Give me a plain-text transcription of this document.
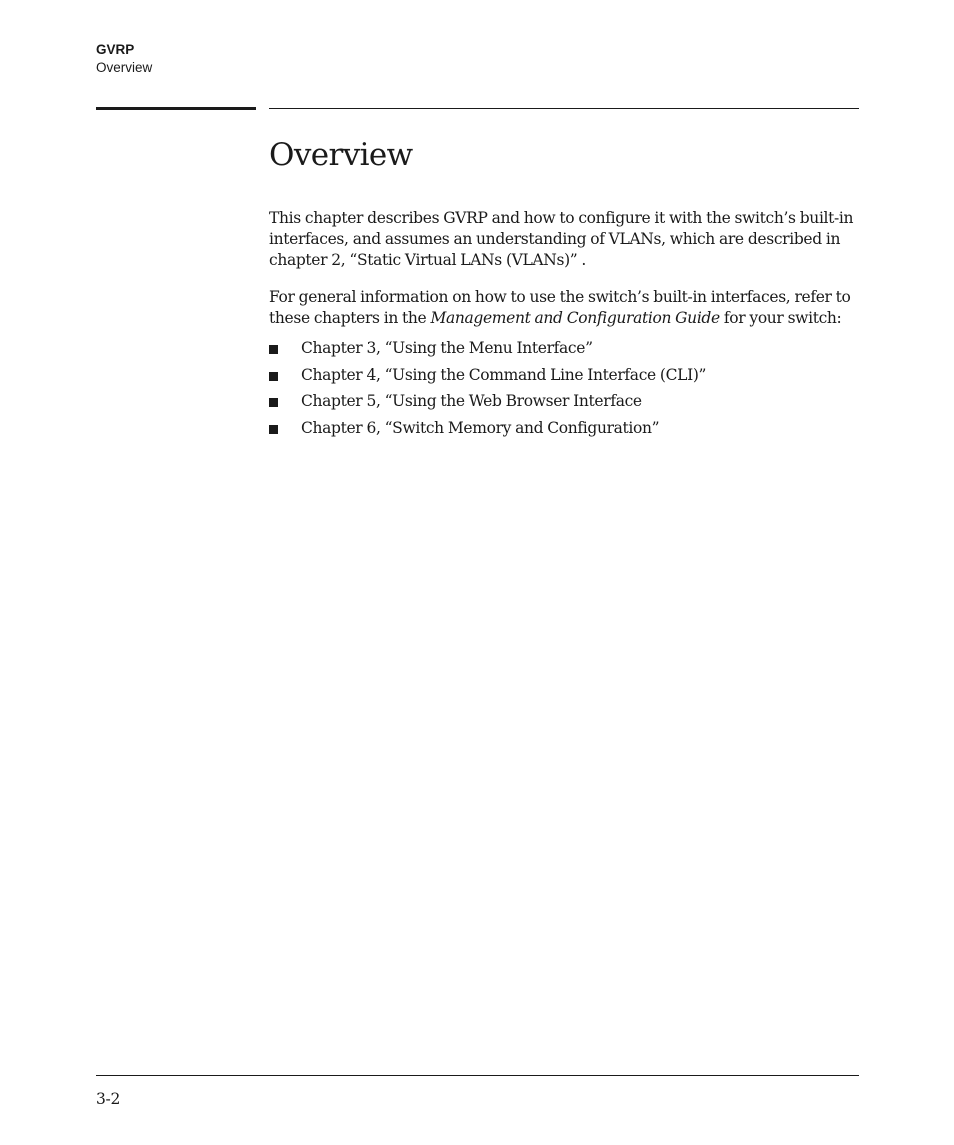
GVRP
Overview
Overview

This chapter describes GVRP and how to configure it with the switch’s built-in interfaces, and assumes an understanding of VLANs, which are described in chapter 2, “Static Virtual LANs (VLANs)” .

For general information on how to use the switch’s built-in interfaces, refer to these chapters in the Management and Configuration Guide for your switch:

Chapter 3, “Using the Menu Interface”
Chapter 4, “Using the Command Line Interface (CLI)”
Chapter 5, “Using the Web Browser Interface
Chapter 6, “Switch Memory and Configuration”
3-2
